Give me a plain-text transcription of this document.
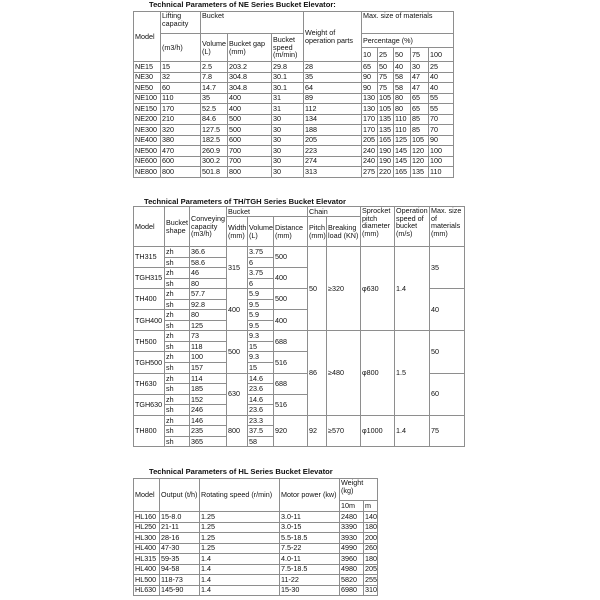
Technical Parameters of NE Series Bucket Elevator:
Model	Lifting capacity	Bucket			Weight of operation parts	Max. size of materials				
	(m3/h)	Volume (L)	Bucket gap (mm)	Bucket speed (m/min)		Percentage (%)				
						10	25	50	75	100
NE15	15	2.5	203.2	29.8	28	65	50	40	30	25
NE30	32	7.8	304.8	30.1	35	90	75	58	47	40
NE50	60	14.7	304.8	30.1	64	90	75	58	47	40
NE100	110	35	400	31	89	130	105	80	65	55
NE150	170	52.5	400	31	112	130	105	80	65	55
NE200	210	84.6	500	30	134	170	135	110	85	70
NE300	320	127.5	500	30	188	170	135	110	85	70
NE400	380	182.5	600	30	205	205	165	125	105	90
NE500	470	260.9	700	30	223	240	190	145	120	100
NE600	600	300.2	700	30	274	240	190	145	120	100
NE800	800	501.8	800	30	313	275	220	165	135	110
Technical Parameters of TH/TGH Series Bucket Elevator
Model	Bucket shape	Conveying capacity (m3/h)	Bucket			Chain		Sprocket pitch diameter (mm)	Operation speed of bucket (m/s)	Max. size of materials (mm)
			Width (mm)	Volume (L)	Distance (mm)	Pitch (mm)	Breaking load (KN)			
TH315	zh	36.6	315	3.75	500	50	≥320	φ630	1.4	35
	sh	58.6		6						
TGH315	zh	46		3.75	400					
	sh	80		6						
TH400	zh	57.7	400	5.9	500					40
	sh	92.8		9.5						
TGH400	zh	80		5.9	400					
	sh	125		9.5						
TH500	zh	73	500	9.3	688	86	≥480	φ800	1.5	50
	sh	118		15						
TGH500	zh	100		9.3	516					
	sh	157		15						
TH630	zh	114	630	14.6	688					60
	sh	185		23.6						
TGH630	zh	152		14.6	516					
	sh	246		23.6						
TH800	zh	146	800	23.3	920	92	≥570	φ1000	1.4	75
	sh	235		37.5						
	sh	365		58						
Technical Parameters of HL Series Bucket Elevator
Model	Output (t/h)	Rotating speed (r/min)	Motor power (kw)	Weight (kg)	
				10m	m
HL160	15-8.0	1.25	3.0-11	2480	140
HL250	21-11	1.25	3.0-15	3390	180
HL300	28-16	1.25	5.5-18.5	3930	200
HL400	47-30	1.25	7.5-22	4990	260
HL315	59-35	1.4	4.0-11	3960	180
HL400	94-58	1.4	7.5-18.5	4980	205
HL500	118-73	1.4	11-22	5820	255
HL630	145-90	1.4	15-30	6980	310
